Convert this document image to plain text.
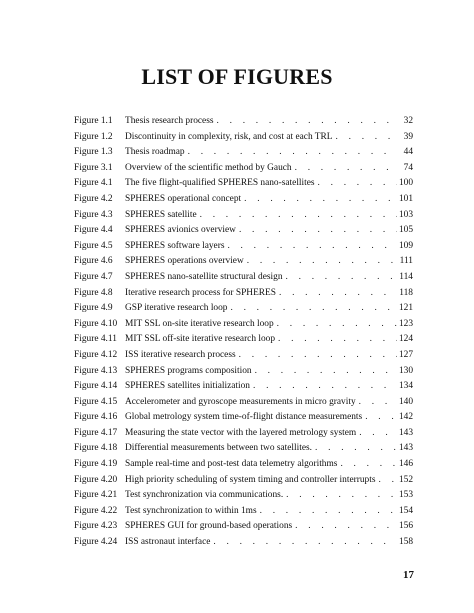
LIST OF FIGURES
Figure 1.1 Thesis research process . . .	32
Figure 1.2 Discontinuity in complexity, risk, and cost at each TRL . . .	39
Figure 1.3 Thesis roadmap . . .	44
Figure 3.1 Overview of the scientific method by Gauch . . .	74
Figure 4.1 The five flight-qualified SPHERES nano-satellites . . .	100
Figure 4.2 SPHERES operational concept . . .	101
Figure 4.3 SPHERES satellite . . .	103
Figure 4.4 SPHERES avionics overview . . .	105
Figure 4.5 SPHERES software layers . . .	109
Figure 4.6 SPHERES operations overview . . .	111
Figure 4.7 SPHERES nano-satellite structural design . . .	114
Figure 4.8 Iterative research process for SPHERES . . .	118
Figure 4.9 GSP iterative research loop . . .	121
Figure 4.10 MIT SSL on-site iterative research loop . . .	123
Figure 4.11 MIT SSL off-site iterative research loop . . .	124
Figure 4.12 ISS iterative research process . . .	127
Figure 4.13 SPHERES programs composition . . .	130
Figure 4.14 SPHERES satellites initialization . . .	134
Figure 4.15 Accelerometer and gyroscope measurements in micro gravity . . .	140
Figure 4.16 Global metrology system time-of-flight distance measurements . . .	142
Figure 4.17 Measuring the state vector with the layered metrology system . . .	143
Figure 4.18 Differential measurements between two satellites. . . .	143
Figure 4.19 Sample real-time and post-test data telemetry algorithms . . .	146
Figure 4.20 High priority scheduling of system timing and controller interrupts . . .	152
Figure 4.21 Test synchronization via communications. . . .	153
Figure 4.22 Test synchronization to within 1ms . . .	154
Figure 4.23 SPHERES GUI for ground-based operations . . .	156
Figure 4.24 ISS astronaut interface . . .	158

17
